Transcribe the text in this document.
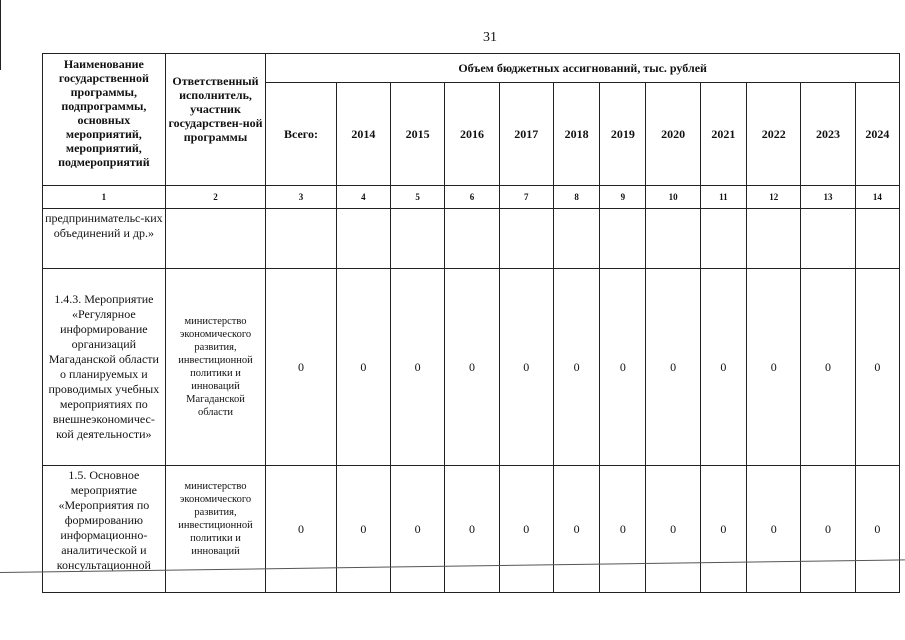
31
Наименование государственной программы, подпрограммы, основных мероприятий, мероприятий, подмероприятий	Ответственный исполнитель, участник государствен-ной программы	Объем бюджетных ассигнований, тыс. рублей											
		Всего:	2014	2015	2016	2017	2018	2019	2020	2021	2022	2023	2024
1	2	3	4	5	6	7	8	9	10	11	12	13	14
предпринимательс-ких объединений и др.»													
1.4.3. Мероприятие «Регулярное информирование организаций Магаданской области о планируемых и проводимых учебных мероприятиях по внешнеэкономичес-кой деятельности»	министерство экономического развития, инвестиционной политики и инноваций Магаданской области	0	0	0	0	0	0	0	0	0	0	0	0
1.5. Основное мероприятие «Мероприятия по формированию информационно-аналитической и консультационной	министерство экономического развития, инвестиционной политики и инноваций	0	0	0	0	0	0	0	0	0	0	0	0
